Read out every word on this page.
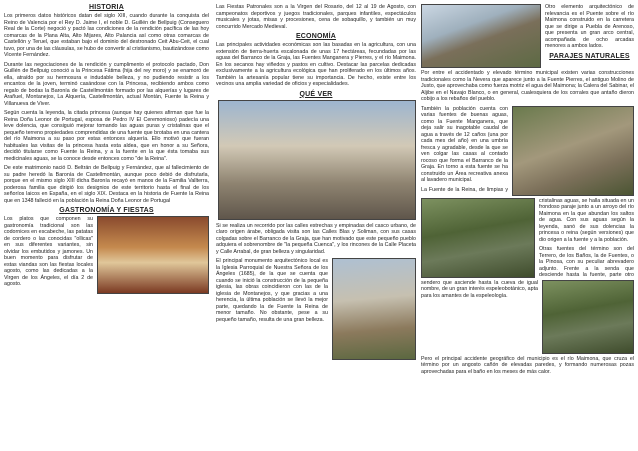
HISTORIA

Los primeros datos históricos datan del siglo XIII, cuando durante la conquista del Reino de Valencia por el Rey D. Jaime I, el noble D. Guillén de Bellpuig (Conseguero Real de la Corte) negoció y pactó las condiciones de la rendición pacífica de las hoy comarcas de la Plana Alta, Alto Mijares, Alto Palancia así como otras comarcas de Castellón y Teruel, que estaban bajo el dominio del destronado Ceit Abu-Ceit, el cual tuvo, por una de las cláusulas, se hubo de convertir al cristianismo, bautizándose como Vicente Fernández.

Durante las negociaciones de la rendición y cumplimento el protocolo pactado, Don Guillén de Bellpuig conoció a la Princesa Fátima (hija del rey moro) y se enamoró de ella, atraído por su hermosura e indudable belleza, y no pudiendo resistir a los encantos de la joven, terminó casándose con la Princesa, recibiendo ambos como regalo de bodas la Baronía de Castellmontán formado por las alquerías y lugares de Arañuel, Montanejos, La Alquería, Castellmontán, actual Montán, Fuente la Reina y Villanueva de Viver.

Según cuenta la leyenda, la citada princesa (aunque hay quienes afirman que fue la Reina Doña Leonor de Portugal, esposa de Pedro IV El Ceremonioso) padecía una leve dolencia, que consiguió mejorar tomando las aguas puras y cristalinas que el pequeño terreno propiedades comprendidas de una fuente que brotaba en una cantera del río Maimona a su paso por estas entonces alquería. Ello motivó que fueran habituales las visitas de la princesa hasta esta aldea, que en honor a su Señora, decidió titularse como Fuente la Reina, y a la fuente en la que ésta tomaba sus medicinales aguas, se la conoce desde entonces como "de la Reina".

De este matrimonio nació D. Beltrán de Bellpuig y Fernández, que al fallecimiento de su padre heredó la Baronía de Castellmontán, aunque poco debió de disfrutarla, porque en el mismo siglo XIII dicha Baronía recayó en manos de la Familia Vallterra, poderosa familia que dirigió los designios de este territorio hasta el final de los señoríos laicos en España, en el siglo XIX. Destaca en la historia de Fuente la Reina que en 1348 falleció en la población la Reina Doña Leonor de Portugal

GASTRONOMÍA Y FIESTAS

Los platos que componen su gastronomía tradicional son las codornices en escabeche, las patatas de cordero o las conocidas "ollicas" en sus diferentes variantes, sin olvidar los embutidos y jamones. Un buen momento para disfrutar de estas viandas son las fiestas locales agosto, como las dedicadas a la Virgen de los Ángeles, el día 2 de agosto.

Las Fiestas Patronales son a la Virgen del Rosario, del 12 al 19 de Agosto, con campeonatos deportivos y juegos tradicionales, parques infantiles, espectáculos musicales y jotas, misas y procesiones, cena de sobaquillo, y también un muy concurrido Mercado Medieval.

ECONOMÍA

Las principales actividades económicas son las basadas en la agricultura, con una extensión de tierra-huerta escalonada de unas 17 hectáreas, fecundadas por las aguas del Barranco de la Graja, las Fuentes Manganera y Pierres, y el río Maimona. En los secanos hay viñedos y pastos en cultivo. Destacar las parcelas dedicadas exclusivamente a la agricultura ecológica que han proliferado en los últimos años. También la artesanía popular tiene su importancia. De hecho, existe entre los vecinos una amplia variedad de oficios y especialidades.

QUÉ VER

Si se realiza un recorrido por las calles estrechas y empinadas del casco urbano, de claro origen árabe, obligada visita son las Calles Blas y Soliman, con sus casas colgadas sobre el Barranco de la Graja, que han motivado que este pequeño pueblo adquiera el sobrenombre de "la pequeña Cuenca", y los rincones de la Calle Placeta y Calle Arrabal, de gran belleza y singularidad.

El principal monumento arquitectónico local es la Iglesia Parroquial de Nuestra Señora de los Ángeles (1685), de la que se cuenta que cuando se inició la construcción de la pequeña iglesia, las obras coincidieron con las de la iglesia de Montanejos, y que gracias a una herencia, la última población se llevó la mejor parte, quedando la de Fuente la Reina de menor tamaño. No obstante, pese a su pequeño tamaño, resulta de una gran belleza.

Otro elemento arquitectónico de relevancia es el Puente sobre el río Maimona construido en la carretera que se dirige a Puebla de Arenoso, que presenta un gran arco central, acompañada de ocho arcadas menores a ambos lados.

PARAJES NATURALES

Por entre el accidentado y elevado término municipal existen varias construcciones tradicionales como la Nevera que aparece junto a la Fuente Pierres, el antiguo Molino de Justo, que aprovechaba como fuerza motriz el agua del Maimona; la Calera del Sabinar, el Aljibe en el Navajo Blanco, o en general, cualesquiera de los corrales que antaño dieron cobijo a los rebaños del pueblo.

También la población cuenta con varias fuentes de buenas aguas, como la Fuente Manganera, que deja salir su inagotable caudal de agua a través de 12 caños (una por cada mes del año) en una umbría fresca y agradable, desde la que se ven colgar las casas al contado rocoso que forma el Barranco de la Graja. En torno a esta fuente se ha construido un Área recreativa anexa al lavadero municipal.

La Fuente de la Reina, de limpias y cristalinas aguas, se halla situada en un frondoso paraje junto a un arroyo del río Maimona en la que abundan los saltos de agua. Con sus aguas según la leyenda, sanó de sus dolencias la princesa o reina (según versiones) que dio origen a la fuente y a la población.

Otras fuentes del término son del Terrero, de los Baños, la de Fuentes, o la Pinosa, con su peculiar abrevadero adjunto. Frente a la senda que desciende hasta la fuente, parte otro sendero que asciende hasta la cueva de igual nombre, de un gran interés espeleobotánico, apta para los amantes de la espeleología.

Pero el principal accidente geográfico del municipio es el río Maimona, que cruza el término por un angosto cañón de elevadas paredes, y formando numerosas pozas aprovechadas para el baño en los meses de más calor.
